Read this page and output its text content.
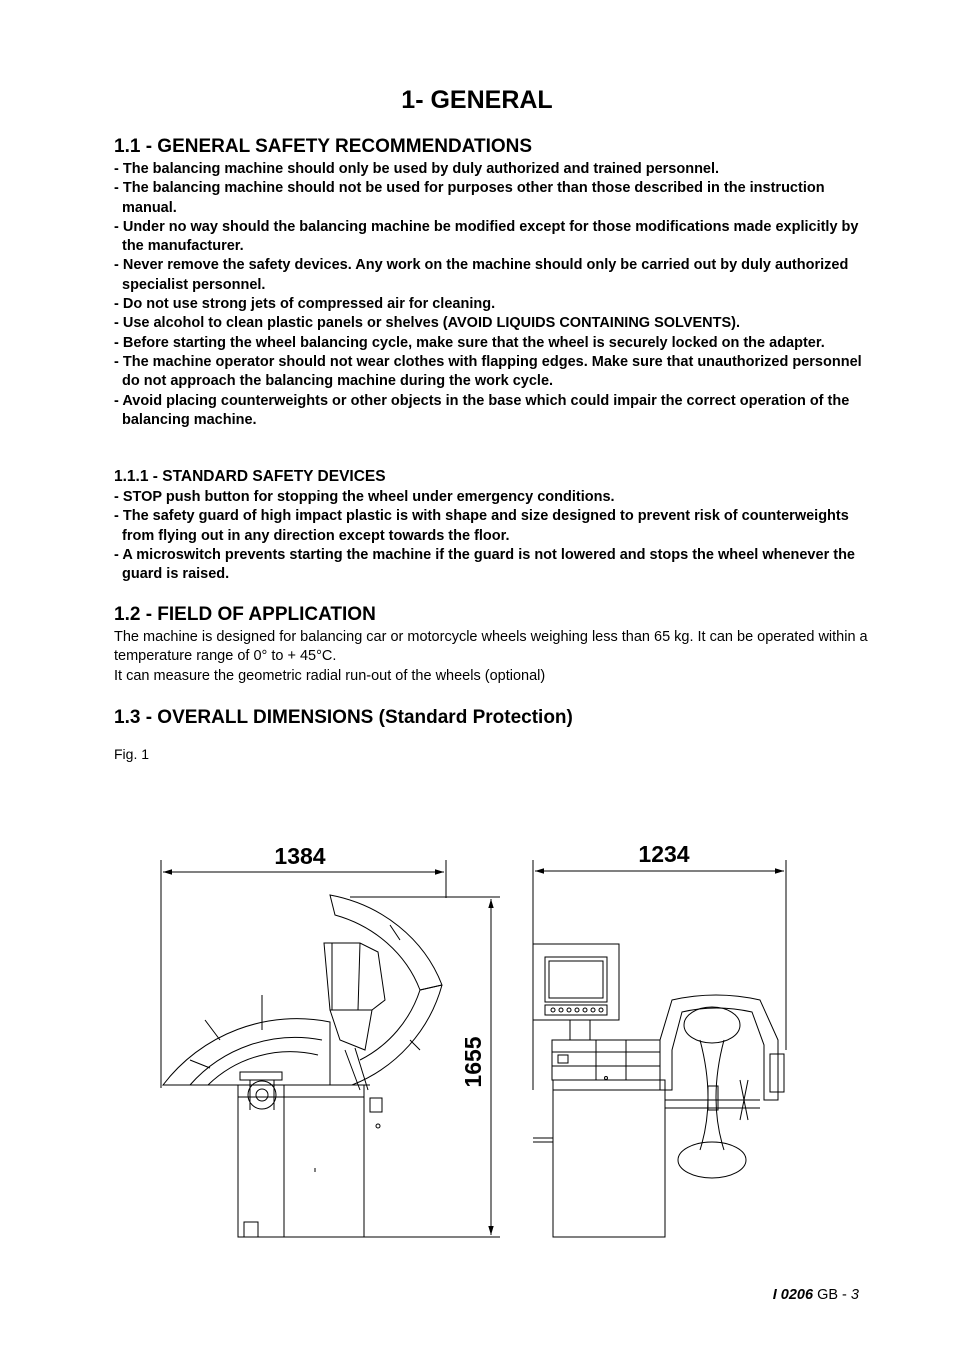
1- GENERAL
1.1 - GENERAL SAFETY RECOMMENDATIONS
- The balancing machine should only be used by duly authorized and trained personnel.
- The balancing machine should not be used for purposes other than those described in the instruction manual.
- Under no way should the balancing machine be modified except for those modifications made explicitly by the manufacturer.
- Never remove the safety devices. Any work on the machine should only be carried out by duly authorized specialist personnel.
- Do not use strong jets of compressed air for cleaning.
- Use alcohol to clean plastic panels or shelves (AVOID LIQUIDS CONTAINING SOLVENTS).
- Before starting the wheel balancing cycle, make sure that the wheel is securely locked on the adapter.
- The machine operator should not wear clothes with flapping edges. Make sure that unauthorized personnel do not approach the balancing machine during the work cycle.
- Avoid placing counterweights or other objects in the base which could impair the correct operation of the balancing machine.
1.1.1 - STANDARD SAFETY DEVICES
- STOP push button for stopping the wheel under emergency conditions.
- The safety guard of high impact plastic is with shape and size designed to prevent risk of counterweights from flying out in any direction except towards the floor.
- A microswitch prevents starting the machine if the guard is not lowered and stops the wheel whenever the guard is raised.
1.2 - FIELD OF APPLICATION
The machine is designed for balancing car or motorcycle wheels weighing less than 65 kg. It can be operated within a temperature range of 0° to + 45°C.
It can measure the geometric radial run-out of the wheels (optional)
1.3 - OVERALL DIMENSIONS (Standard Protection)
Fig. 1
1384	1234
1655
I 0206 GB - 3
